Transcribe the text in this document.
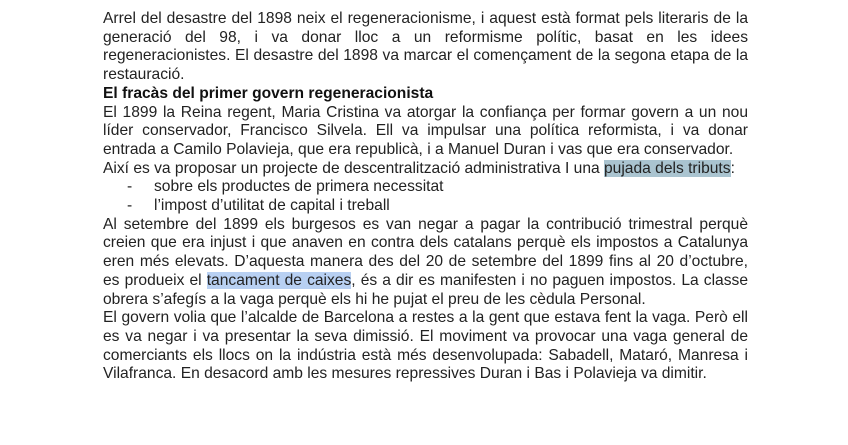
Arrel del desastre del 1898 neix el regeneracionisme, i aquest està format pels literaris de la generació del 98, i va donar lloc a un reformisme polític, basat en les idees regeneracionistes. El desastre del 1898 va marcar el començament de la segona etapa de la restauració.

El fracàs del primer govern regeneracionista

El 1899 la Reina regent, Maria Cristina va atorgar la confiança per formar govern a un nou líder conservador, Francisco Silvela. Ell va impulsar una política reformista, i va donar entrada a Camilo Polavieja, que era republicà, i a Manuel Duran i vas que era conservador.

Així es va proposar un projecte de descentralització administrativa I una pujada dels tributs:

- sobre els productes de primera necessitat
- l’impost d’utilitat de capital i treball

Al setembre del 1899 els burgesos es van negar a pagar la contribució trimestral perquè creien que era injust i que anaven en contra dels catalans perquè els impostos a Catalunya eren més elevats. D’aquesta manera des del 20 de setembre del 1899 fins al 20 d’octubre, es produeix el tancament de caixes, és a dir es manifesten i no paguen impostos. La classe obrera s’afegís a la vaga perquè els hi he pujat el preu de les cèdula Personal.

El govern volia que l’alcalde de Barcelona a restes a la gent que estava fent la vaga. Però ell es va negar i va presentar la seva dimissió. El moviment va provocar una vaga general de comerciants els llocs on la indústria està més desenvolupada: Sabadell, Mataró, Manresa i Vilafranca. En desacord amb les mesures repressives Duran i Bas i Polavieja va dimitir.
